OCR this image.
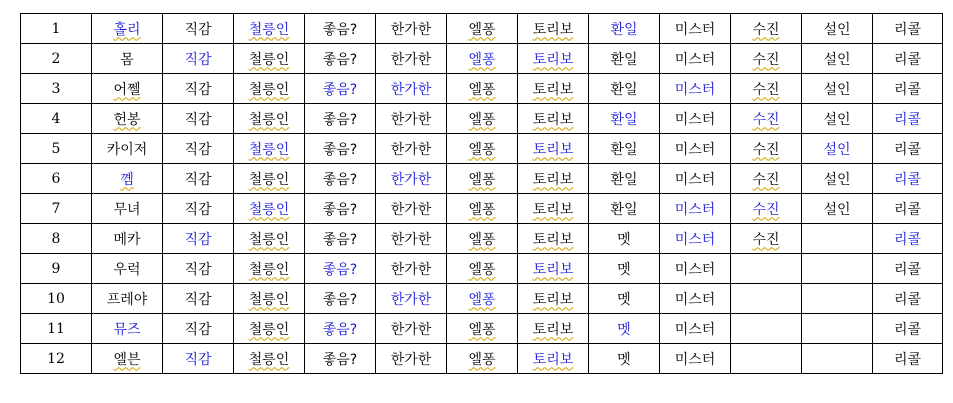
1	홀리	직감	철릉인	좋음?	한가한	엘퐁	토리보	환일	미스터	수진	설인	리콜
2	몸	직감	철릉인	좋음?	한가한	엘퐁	토리보	환일	미스터	수진	설인	리콜
3	어쩰	직감	철릉인	좋음?	한가한	엘퐁	토리보	환일	미스터	수진	설인	리콜
4	헌봉	직감	철릉인	좋음?	한가한	엘퐁	토리보	환일	미스터	수진	설인	리콜
5	카이저	직감	철릉인	좋음?	한가한	엘퐁	토리보	환일	미스터	수진	설인	리콜
6	꼠	직감	철릉인	좋음?	한가한	엘퐁	토리보	환일	미스터	수진	설인	리콜
7	무녀	직감	철릉인	좋음?	한가한	엘퐁	토리보	환일	미스터	수진	설인	리콜
8	메카	직감	철릉인	좋음?	한가한	엘퐁	토리보	멧	미스터	수진		리콜
9	우럭	직감	철릉인	좋음?	한가한	엘퐁	토리보	멧	미스터			리콜
10	프레야	직감	철릉인	좋음?	한가한	엘퐁	토리보	멧	미스터			리콜
11	뮤즈	직감	철릉인	좋음?	한가한	엘퐁	토리보	멧	미스터			리콜
12	엘븐	직감	철릉인	좋음?	한가한	엘퐁	토리보	멧	미스터			리콜
